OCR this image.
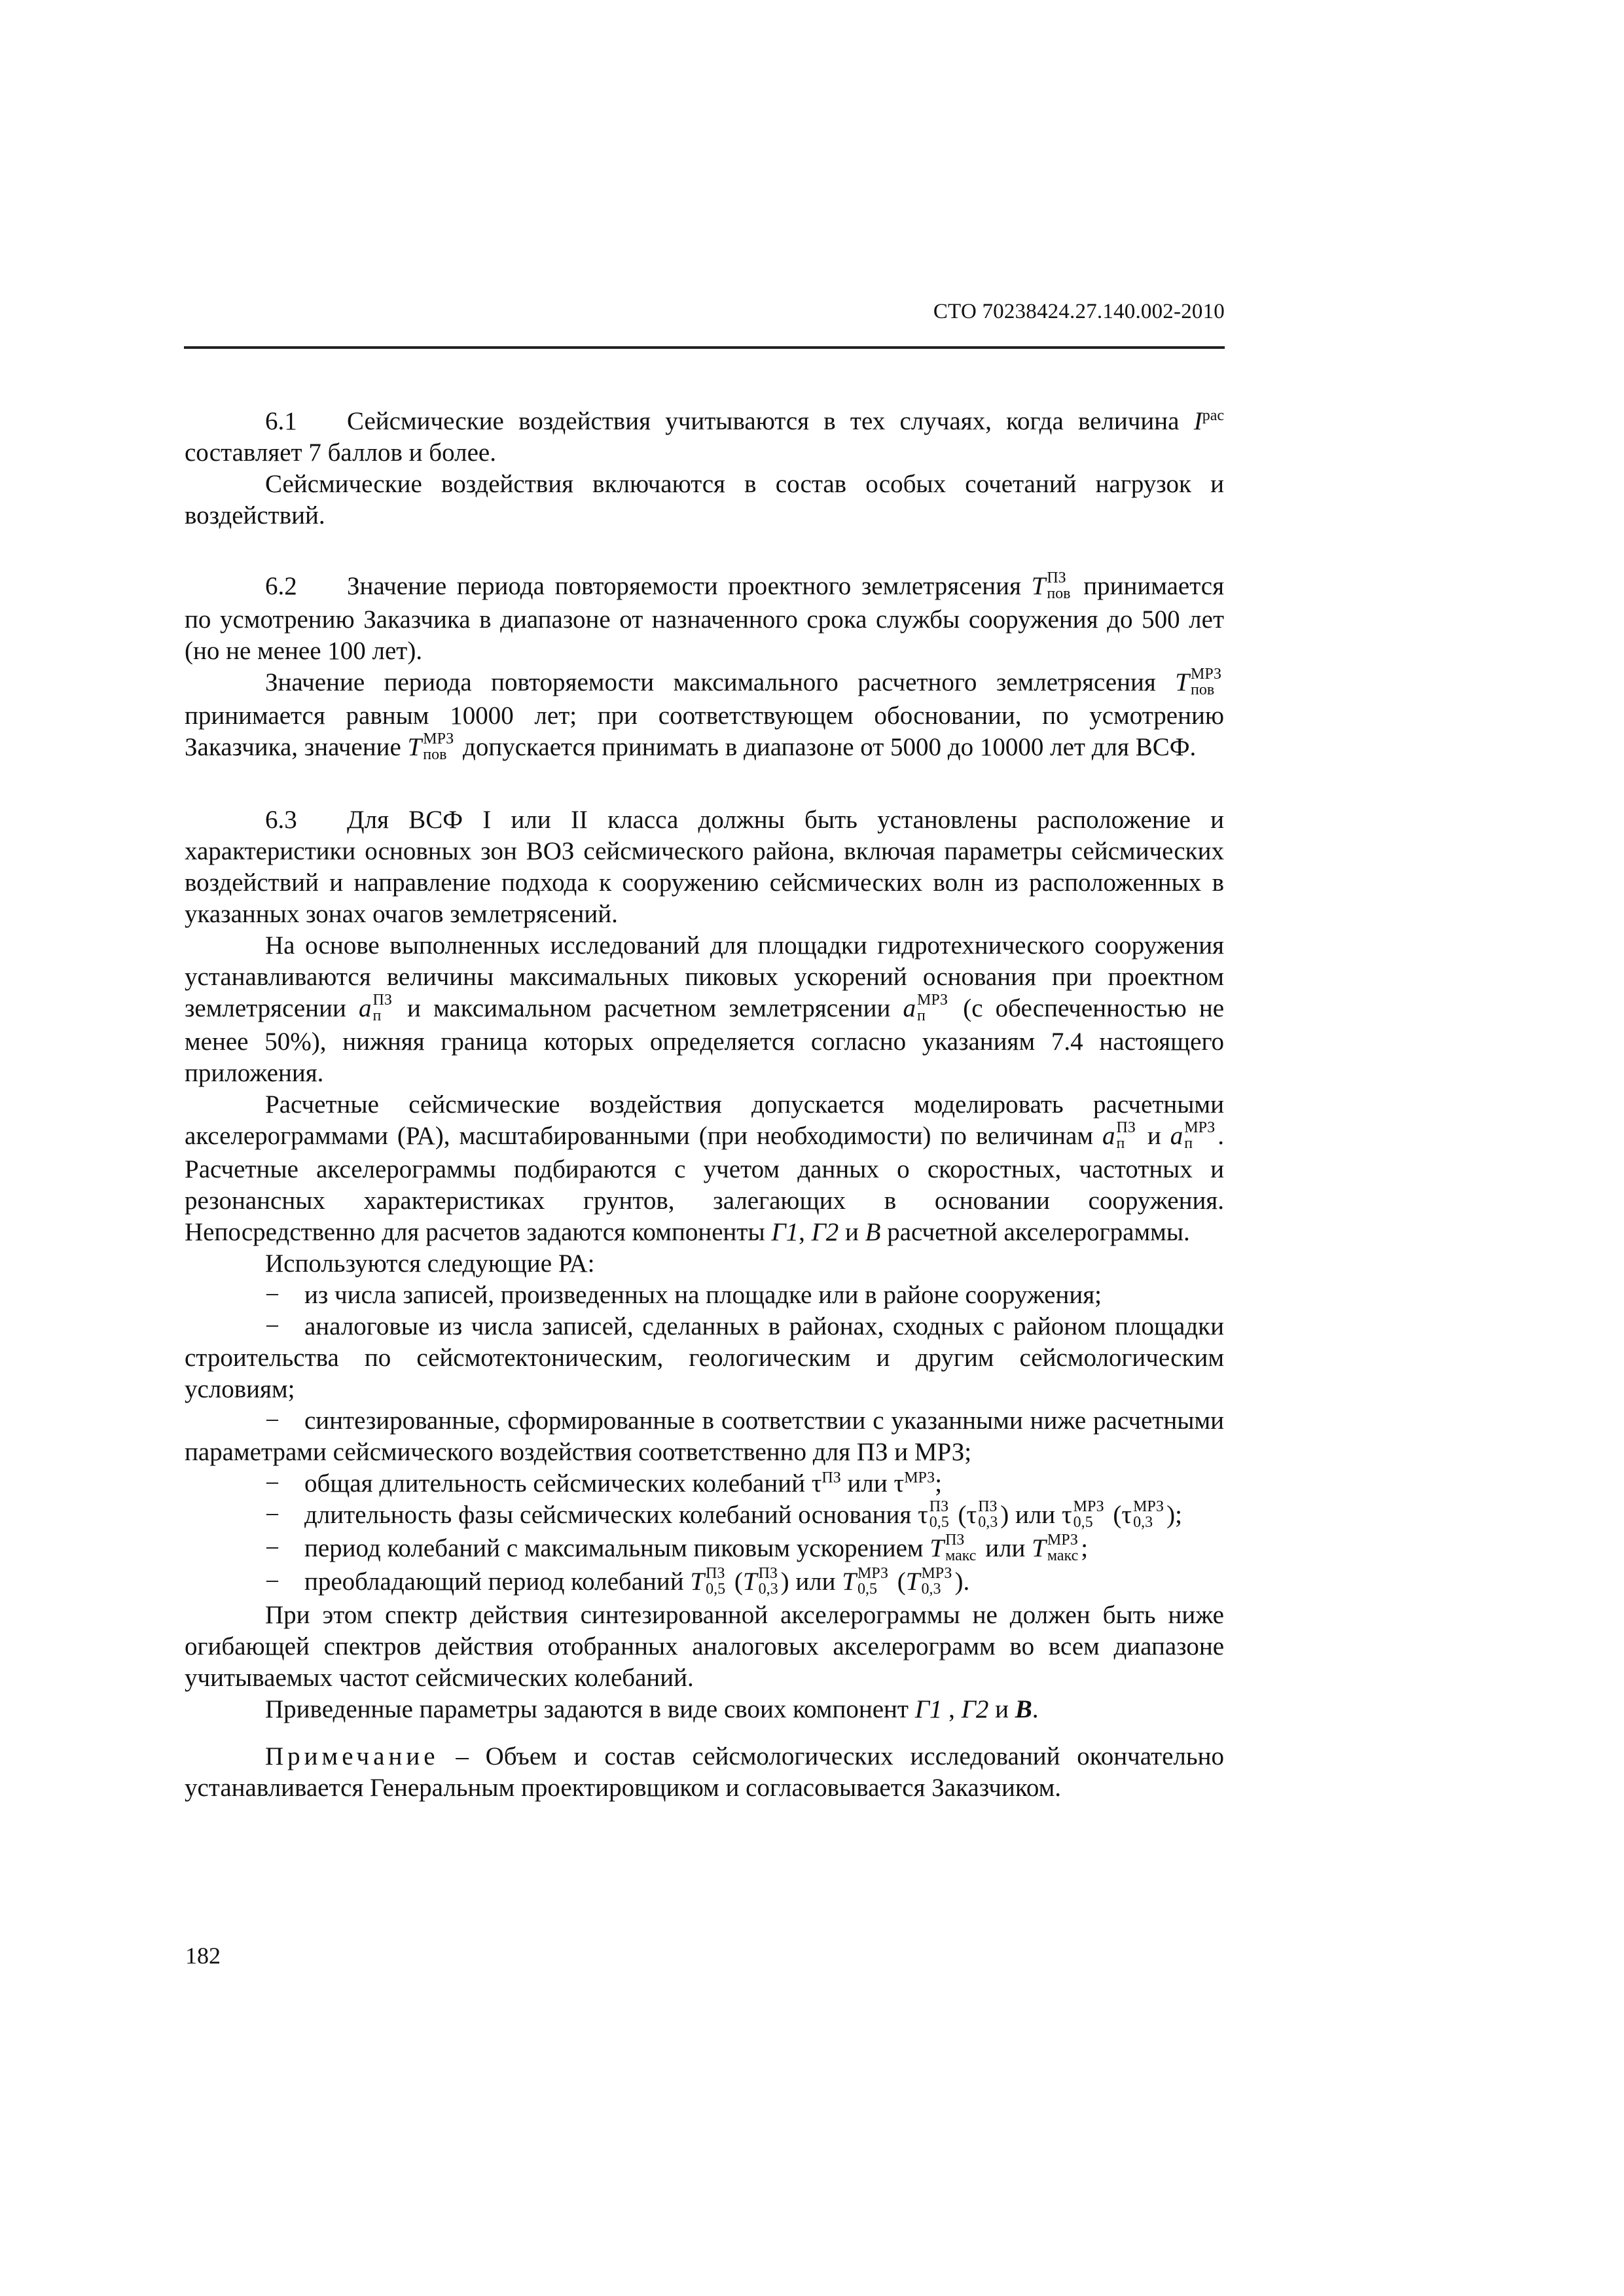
СТО 70238424.27.140.002-2010

6.1 Сейсмические воздействия учитываются в тех случаях, когда величина $I^{рас}$ составляет 7 баллов и более.

Сейсмические воздействия включаются в состав особых сочетаний нагрузок и воздействий.

6.2 Значение периода повторяемости проектного землетрясения T ПЗ
пов принимается по усмотрению Заказчика в диапазоне от назначенного срока службы сооружения до 500 лет (но не менее 100 лет).

Значение периода повторяемости максимального расчетного землетрясения T МРЗ
пов
принимается равным 10000 лет; при соответствующем обосновании, по усмотрению Заказчика, значение T МРЗ
пов допускается принимать в диапазоне от 5000 до 10000 лет для ВСФ.

6.3 Для ВСФ I или II класса должны быть установлены расположение и характеристики основных зон ВОЗ сейсмического района, включая параметры сейсмических воздействий и направление подхода к сооружению сейсмических волн из расположенных в указанных зонах очагов землетрясений.

На основе выполненных исследований для площадки гидротехнического сооружения устанавливаются величины максимальных пиковых ускорений основания при проектном землетрясении a ПЗ
п	и максимальном расчетном землетрясении a МРЗ
п	(с обеспеченностью не менее 50%), нижняя граница которых определяется согласно указаниям 7.4 настоящего приложения.

Расчетные сейсмические воздействия допускается моделировать расчетными акселерограммами (РА), масштабированными (при необходимости) по величинам a ПЗ
п и a МРЗ
п . Расчетные акселерограммы подбираются с учетом данных о скоростных, частотных и резонансных характеристиках грунтов, залегающих в основании сооружения. Непосредственно для расчетов задаются компоненты Г1, Г2 и В расчетной акселерограммы.

Используются следующие РА:

− из числа записей, произведенных на площадке или в районе сооружения;

− аналоговые из числа записей, сделанных в районах, сходных с районом площадки строительства по сейсмотектоническим, геологическим и другим сейсмологическим условиям;

− синтезированные, сформированные в соответствии с указанными ниже расчетными параметрами сейсмического воздействия соответственно для ПЗ и МРЗ;

− общая длительность сейсмических колебаний $\tau^{ПЗ}$ или $\tau^{МРЗ}$;

− длительность фазы сейсмических колебаний основания τ ПЗ
0,5 (τ ПЗ
0,3 ) или τ МРЗ
0,5 (τ МРЗ
0,3 );

− период колебаний с максимальным пиковым ускорением T ПЗ
макс или T МРЗ
макс ;

− преобладающий период колебаний T ПЗ
0,5 (T ПЗ
0,3 ) или T МРЗ
0,5 (T МРЗ
0,3 ).

При этом спектр действия синтезированной акселерограммы не должен быть ниже огибающей спектров действия отобранных аналоговых акселерограмм во всем диапазоне учитываемых частот сейсмических колебаний.

Приведенные параметры задаются в виде своих компонент Г1 , Г2 и В.

Примечание – Объем и состав сейсмологических исследований окончательно устанавливается Генеральным проектировщиком и согласовывается Заказчиком.

182
